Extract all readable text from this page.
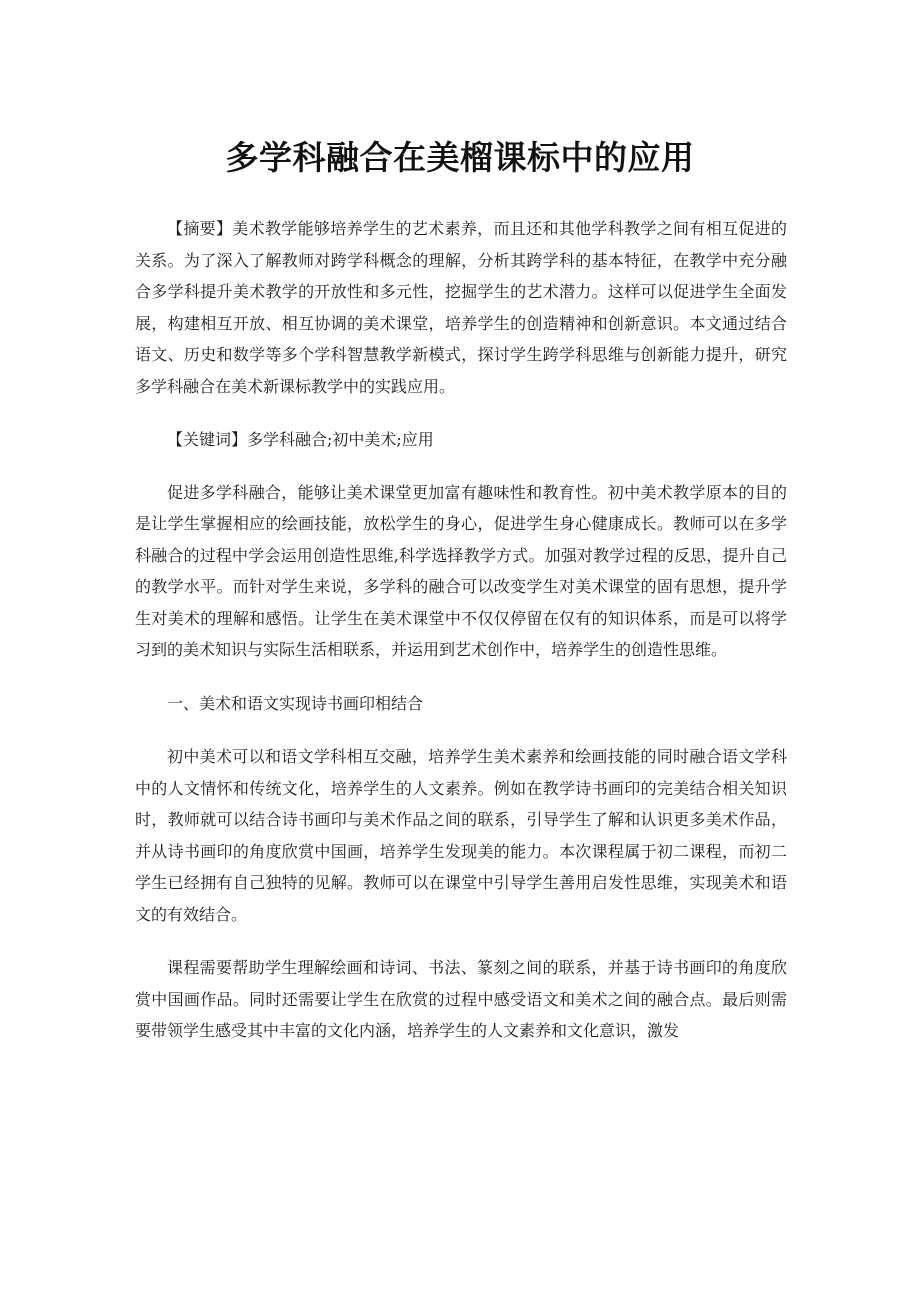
多学科融合在美榴课标中的应用

【摘要】美术教学能够培养学生的艺术素养，而且还和其他学科教学之间有相互促进的关系。为了深入了解教师对跨学科概念的理解，分析其跨学科的基本特征，在教学中充分融合多学科提升美术教学的开放性和多元性，挖掘学生的艺术潜力。这样可以促进学生全面发展，构建相互开放、相互协调的美术课堂，培养学生的创造精神和创新意识。本文通过结合语文、历史和数学等多个学科智慧教学新模式，探讨学生跨学科思维与创新能力提升，研究多学科融合在美术新课标教学中的实践应用。

【关键词】多学科融合;初中美术;应用

促进多学科融合，能够让美术课堂更加富有趣味性和教育性。初中美术教学原本的目的是让学生掌握相应的绘画技能，放松学生的身心，促进学生身心健康成长。教师可以在多学科融合的过程中学会运用创造性思维,科学选择教学方式。加强对教学过程的反思，提升自己的教学水平。而针对学生来说，多学科的融合可以改变学生对美术课堂的固有思想，提升学生对美术的理解和感悟。让学生在美术课堂中不仅仅停留在仅有的知识体系，而是可以将学习到的美术知识与实际生活相联系，并运用到艺术创作中，培养学生的创造性思维。

一、美术和语文实现诗书画印相结合

初中美术可以和语文学科相互交融，培养学生美术素养和绘画技能的同时融合语文学科中的人文情怀和传统文化，培养学生的人文素养。例如在教学诗书画印的完美结合相关知识时，教师就可以结合诗书画印与美术作品之间的联系，引导学生了解和认识更多美术作品，并从诗书画印的角度欣赏中国画，培养学生发现美的能力。本次课程属于初二课程，而初二学生已经拥有自己独特的见解。教师可以在课堂中引导学生善用启发性思维，实现美术和语文的有效结合。

课程需要帮助学生理解绘画和诗词、书法、篆刻之间的联系，并基于诗书画印的角度欣赏中国画作品。同时还需要让学生在欣赏的过程中感受语文和美术之间的融合点。最后则需要带领学生感受其中丰富的文化内涵，培养学生的人文素养和文化意识，激发
